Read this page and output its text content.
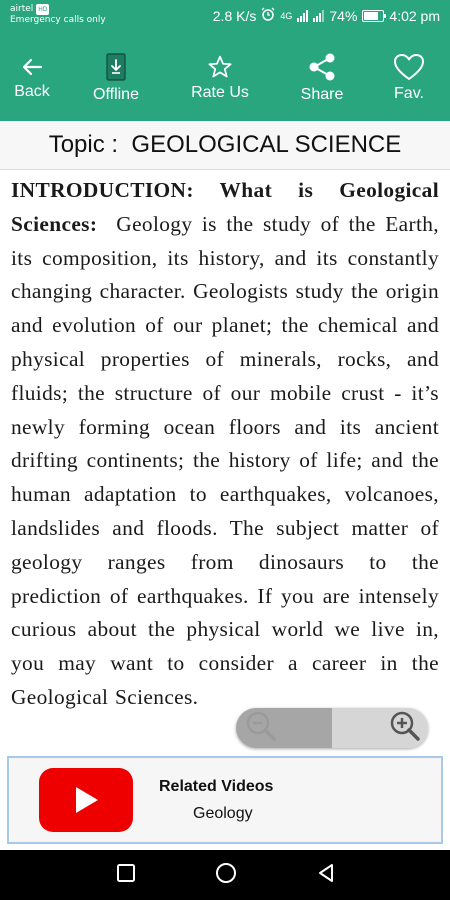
airtel HD
Emergency calls only	2.8 K/s	4G	74% 4:02 pm
Back	Offline	Rate Us	Share	Fav.
Topic :
GEOLOGICAL SCIENCE
INTRODUCTION: What is Geological Sciences: Geology is the study of the Earth, its composition, its history, and its constantly changing character. Geologists study the origin and evolution of our planet; the chemical and physical properties of minerals, rocks, and fluids; the structure of our mobile crust - it’s newly forming ocean floors and its ancient drifting continents; the history of life; and the human adaptation to earthquakes, volcanoes, landslides and floods. The subject matter of geology ranges from dinosaurs to the prediction of earthquakes. If you are intensely curious about the physical world we live in, you may want to consider a career in the Geological Sciences.
Related Videos
Geology
